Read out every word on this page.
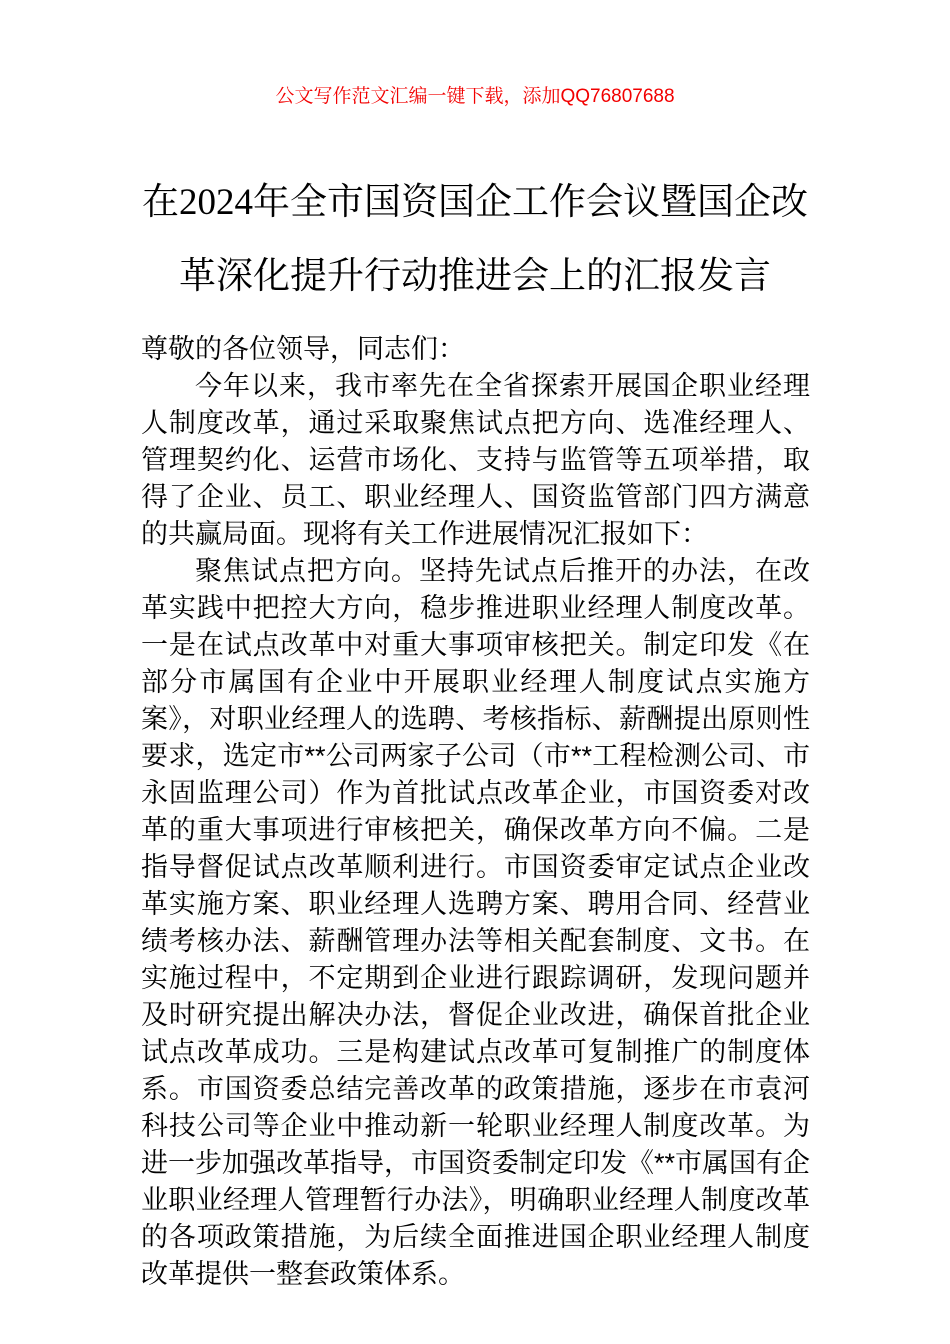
公文写作范文汇编一键下载，添加QQ76807688
在2024年全市国资国企工作会议暨国企改革深化提升行动推进会上的汇报发言

尊敬的各位领导，同志们：

今年以来，我市率先在全省探索开展国企职业经理人制度改革，通过采取聚焦试点把方向、选准经理人、管理契约化、运营市场化、支持与监管等五项举措，取得了企业、员工、职业经理人、国资监管部门四方满意的共赢局面。现将有关工作进展情况汇报如下：

聚焦试点把方向。坚持先试点后推开的办法，在改革实践中把控大方向，稳步推进职业经理人制度改革。一是在试点改革中对重大事项审核把关。制定印发《在部分市属国有企业中开展职业经理人制度试点实施方案》，对职业经理人的选聘、考核指标、薪酬提出原则性要求，选定市**公司两家子公司（市**工程检测公司、市永固监理公司）作为首批试点改革企业，市国资委对改革的重大事项进行审核把关，确保改革方向不偏。二是指导督促试点改革顺利进行。市国资委审定试点企业改革实施方案、职业经理人选聘方案、聘用合同、经营业绩考核办法、薪酬管理办法等相关配套制度、文书。在实施过程中，不定期到企业进行跟踪调研，发现问题并及时研究提出解决办法，督促企业改进，确保首批企业试点改革成功。三是构建试点改革可复制推广的制度体系。市国资委总结完善改革的政策措施，逐步在市袁河科技公司等企业中推动新一轮职业经理人制度改革。为进一步加强改革指导，市国资委制定印发《**市属国有企业职业经理人管理暂行办法》，明确职业经理人制度改革的各项政策措施，为后续全面推进国企职业经理人制度改革提供一整套政策体系。
